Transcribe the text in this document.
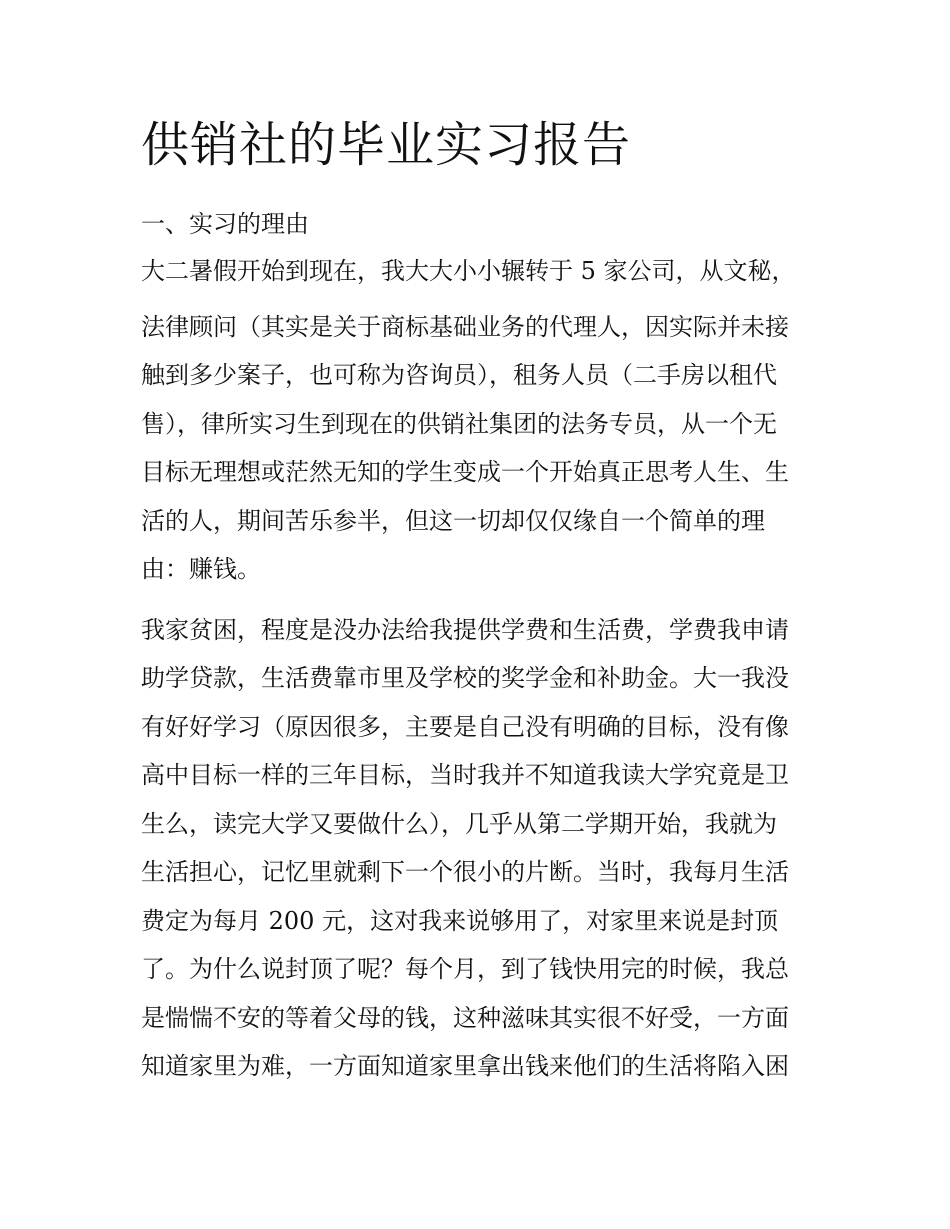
供销社的毕业实习报告
一、实习的理由
大二暑假开始到现在，我大大小小辗转于 5 家公司，从文秘，
法律顾问（其实是关于商标基础业务的代理人，因实际并未接
触到多少案子，也可称为咨询员），租务人员（二手房以租代
售），律所实习生到现在的供销社集团的法务专员，从一个无
目标无理想或茫然无知的学生变成一个开始真正思考人生、生
活的人，期间苦乐参半，但这一切却仅仅缘自一个简单的理
由：赚钱。
我家贫困，程度是没办法给我提供学费和生活费，学费我申请
助学贷款，生活费靠市里及学校的奖学金和补助金。大一我没
有好好学习（原因很多，主要是自己没有明确的目标，没有像
高中目标一样的三年目标，当时我并不知道我读大学究竟是卫
生么，读完大学又要做什么），几乎从第二学期开始，我就为
生活担心，记忆里就剩下一个很小的片断。当时，我每月生活
费定为每月 200 元，这对我来说够用了，对家里来说是封顶
了。为什么说封顶了呢？每个月，到了钱快用完的时候，我总
是惴惴不安的等着父母的钱，这种滋味其实很不好受，一方面
知道家里为难，一方面知道家里拿出钱来他们的生活将陷入困
